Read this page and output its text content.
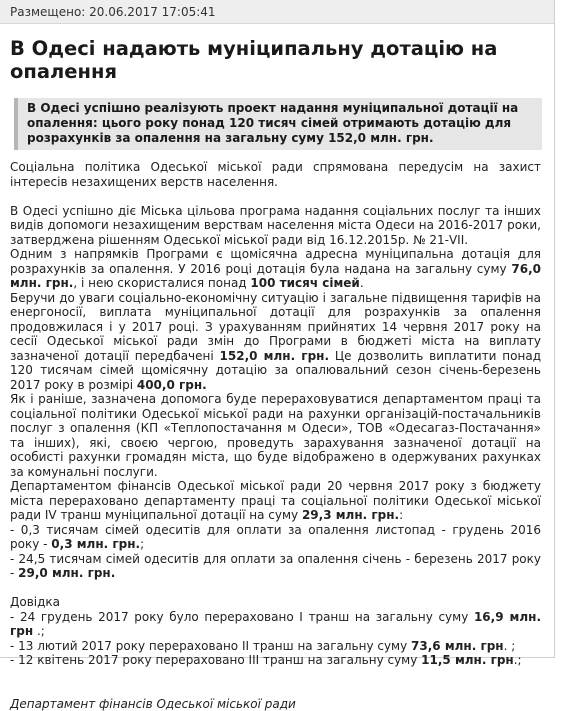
Размещено: 20.06.2017 17:05:41
В Одесі надають муніципальну дотацію на опалення
В Одесі успішно реалізують проект надання муніципальної дотації на опалення: цього року понад 120 тисяч сімей отримають дотацію для розрахунків за опалення на загальну суму 152,0 млн. грн.

Соціальна політика Одеської міської ради спрямована передусім на захист інтересів незахищених верств населення.

В Одесі успішно діє Міська цільова програма надання соціальних послуг та інших видів допомоги незахищеним верствам населення міста Одеси на 2016-2017 роки, затверджена рішенням Одеської міської ради від 16.12.2015р. № 21-VII.

Одним з напрямків Програми є щомісячна адресна муніципальна дотація для розрахунків за опалення. У 2016 році дотація була надана на загальну суму 76,0 млн. грн., і нею скористалися понад 100 тисяч сімей.

Беручи до уваги соціально-економічну ситуацію і загальне підвищення тарифів на енергоносії, виплата муніципальної дотації для розрахунків за опалення продовжилася і у 2017 році. З урахуванням прийнятих 14 червня 2017 року на сесії Одеської міської ради змін до Програми в бюджеті міста на виплату зазначеної дотації передбачені 152,0 млн. грн. Це дозволить виплатити понад 120 тисячам сімей щомісячну дотацію за опалювальний сезон січень-березень 2017 року в розмірі 400,0 грн.

Як і раніше, зазначена допомога буде перераховуватися департаментом праці та соціальної політики Одеської міської ради на рахунки організацій-постачальників послуг з опалення (КП «Теплопостачання м Одеси», ТОВ «Одесагаз-Постачання» та інших), які, своєю чергою, проведуть зарахування зазначеної дотації на особисті рахунки громадян міста, що буде відображено в одержуваних рахунках за комунальні послуги.

Департаментом фінансів Одеської міської ради 20 червня 2017 року з бюджету міста перераховано департаменту праці та соціальної політики Одеської міської ради IV транш муніципальної дотації на суму 29,3 млн. грн.:

- 0,3 тисячам сімей одеситів для оплати за опалення листопад - грудень 2016 року - 0,3 млн. грн.;

- 24,5 тисячам сімей одеситів для оплати за опалення січень - березень 2017 року - 29,0 млн. грн.

Довідка

- 24 грудень 2017 року було перераховано І транш на загальну суму 16,9 млн. грн .;

- 13 лютий 2017 року перераховано ІІ транш на загальну суму 73,6 млн. грн. ;

- 12 квітень 2017 року перераховано ІІІ транш на загальну суму 11,5 млн. грн.;

Департамент фінансів Одеської міської ради
